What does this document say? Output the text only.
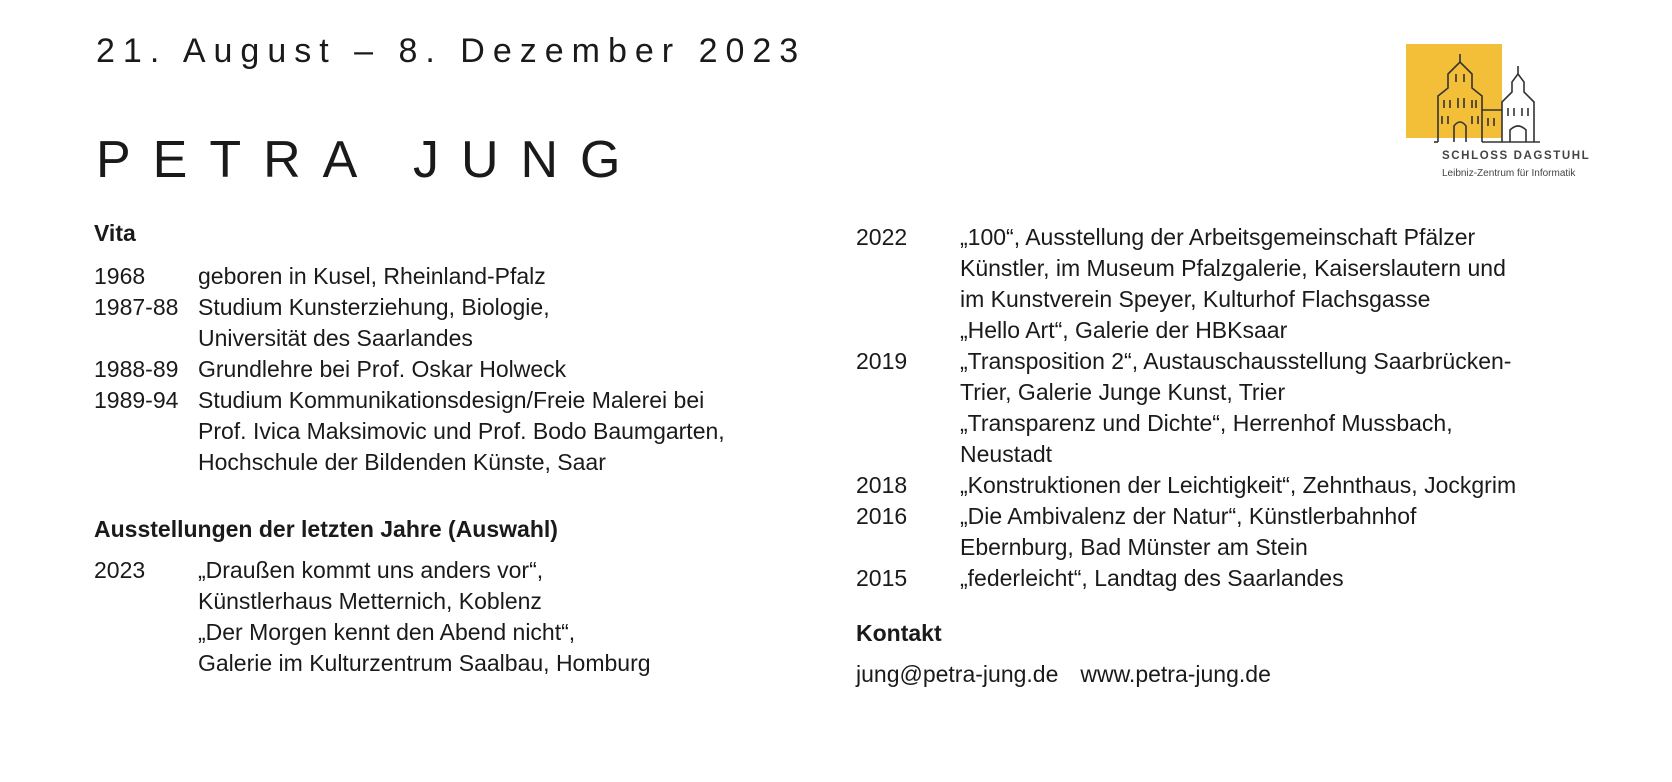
21. August – 8. Dezember 2023
PETRA JUNG	SCHLOSS DAGSTUHL
Leibniz-Zentrum für Informatik
Vita
1968	geboren in Kusel, Rheinland-Pfalz
1987-88 Studium Kunsterziehung, Biologie,
Universität des Saarlandes
1988-89 Grundlehre bei Prof. Oskar Holweck
1989-94 Studium Kommunikationsdesign/Freie Malerei bei
Prof. Ivica Maksimovic und Prof. Bodo Baumgarten,
Hochschule der Bildenden Künste, Saar
Ausstellungen der letzten Jahre (Auswahl)
2023	„Draußen kommt uns anders vor“,
Künstlerhaus Metternich, Koblenz
„Der Morgen kennt den Abend nicht“,
Galerie im Kulturzentrum Saalbau, Homburg
2022	„100“, Ausstellung der Arbeitsgemeinschaft Pfälzer
Künstler, im Museum Pfalzgalerie, Kaiserslautern und
im Kunstverein Speyer, Kulturhof Flachsgasse
„Hello Art“, Galerie der HBKsaar
2019	„Transposition 2“, Austauschausstellung Saarbrücken-
Trier, Galerie Junge Kunst, Trier
„Transparenz und Dichte“, Herrenhof Mussbach,
Neustadt
2018	„Konstruktionen der Leichtigkeit“, Zehnthaus, Jockgrim
2016	„Die Ambivalenz der Natur“, Künstlerbahnhof
Ebernburg, Bad Münster am Stein
2015	„federleicht“, Landtag des Saarlandes
Kontakt
jung@petra-jung.de www.petra-jung.de
